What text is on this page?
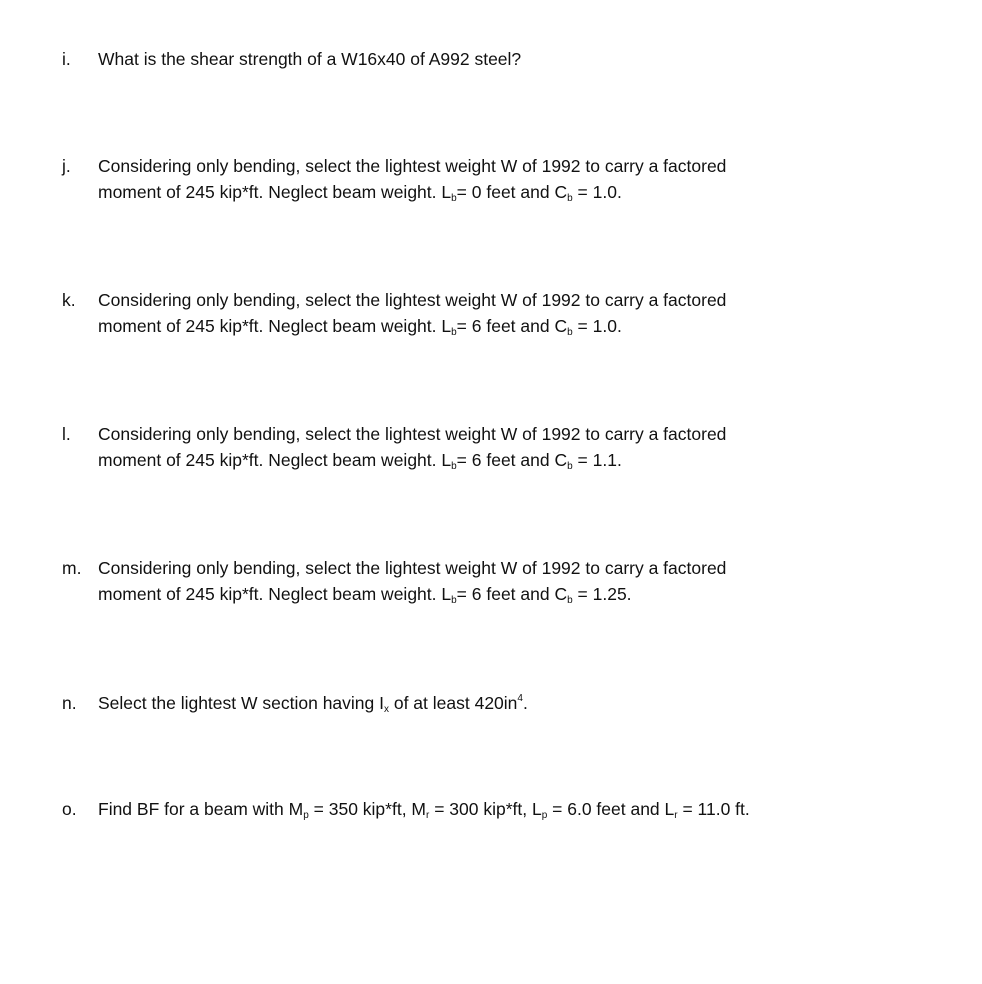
i. What is the shear strength of a W16x40 of A992 steel?
j. Considering only bending, select the lightest weight W of 1992 to carry a factored
moment of 245 kip*ft. Neglect beam weight. $L_b= 0$ feet and $C_b = 1.0$.
k. Considering only bending, select the lightest weight W of 1992 to carry a factored
moment of 245 kip*ft. Neglect beam weight. $L_b= 6$ feet and $C_b = 1.0$.
l. Considering only bending, select the lightest weight W of 1992 to carry a factored
moment of 245 kip*ft. Neglect beam weight. $L_b= 6$ feet and $C_b = 1.1$.
m. Considering only bending, select the lightest weight W of 1992 to carry a factored
moment of 245 kip*ft. Neglect beam weight. $L_b= 6$ feet and $C_b = 1.25$.
n. Select the lightest W section having $I_x$ of at least $420in^4$.
o. Find BF for a beam with $M_p = 350$ kip*ft, $M_r = 300$ kip*ft, $L_p = 6.0$ feet and $L_r = 11.0$ ft.
